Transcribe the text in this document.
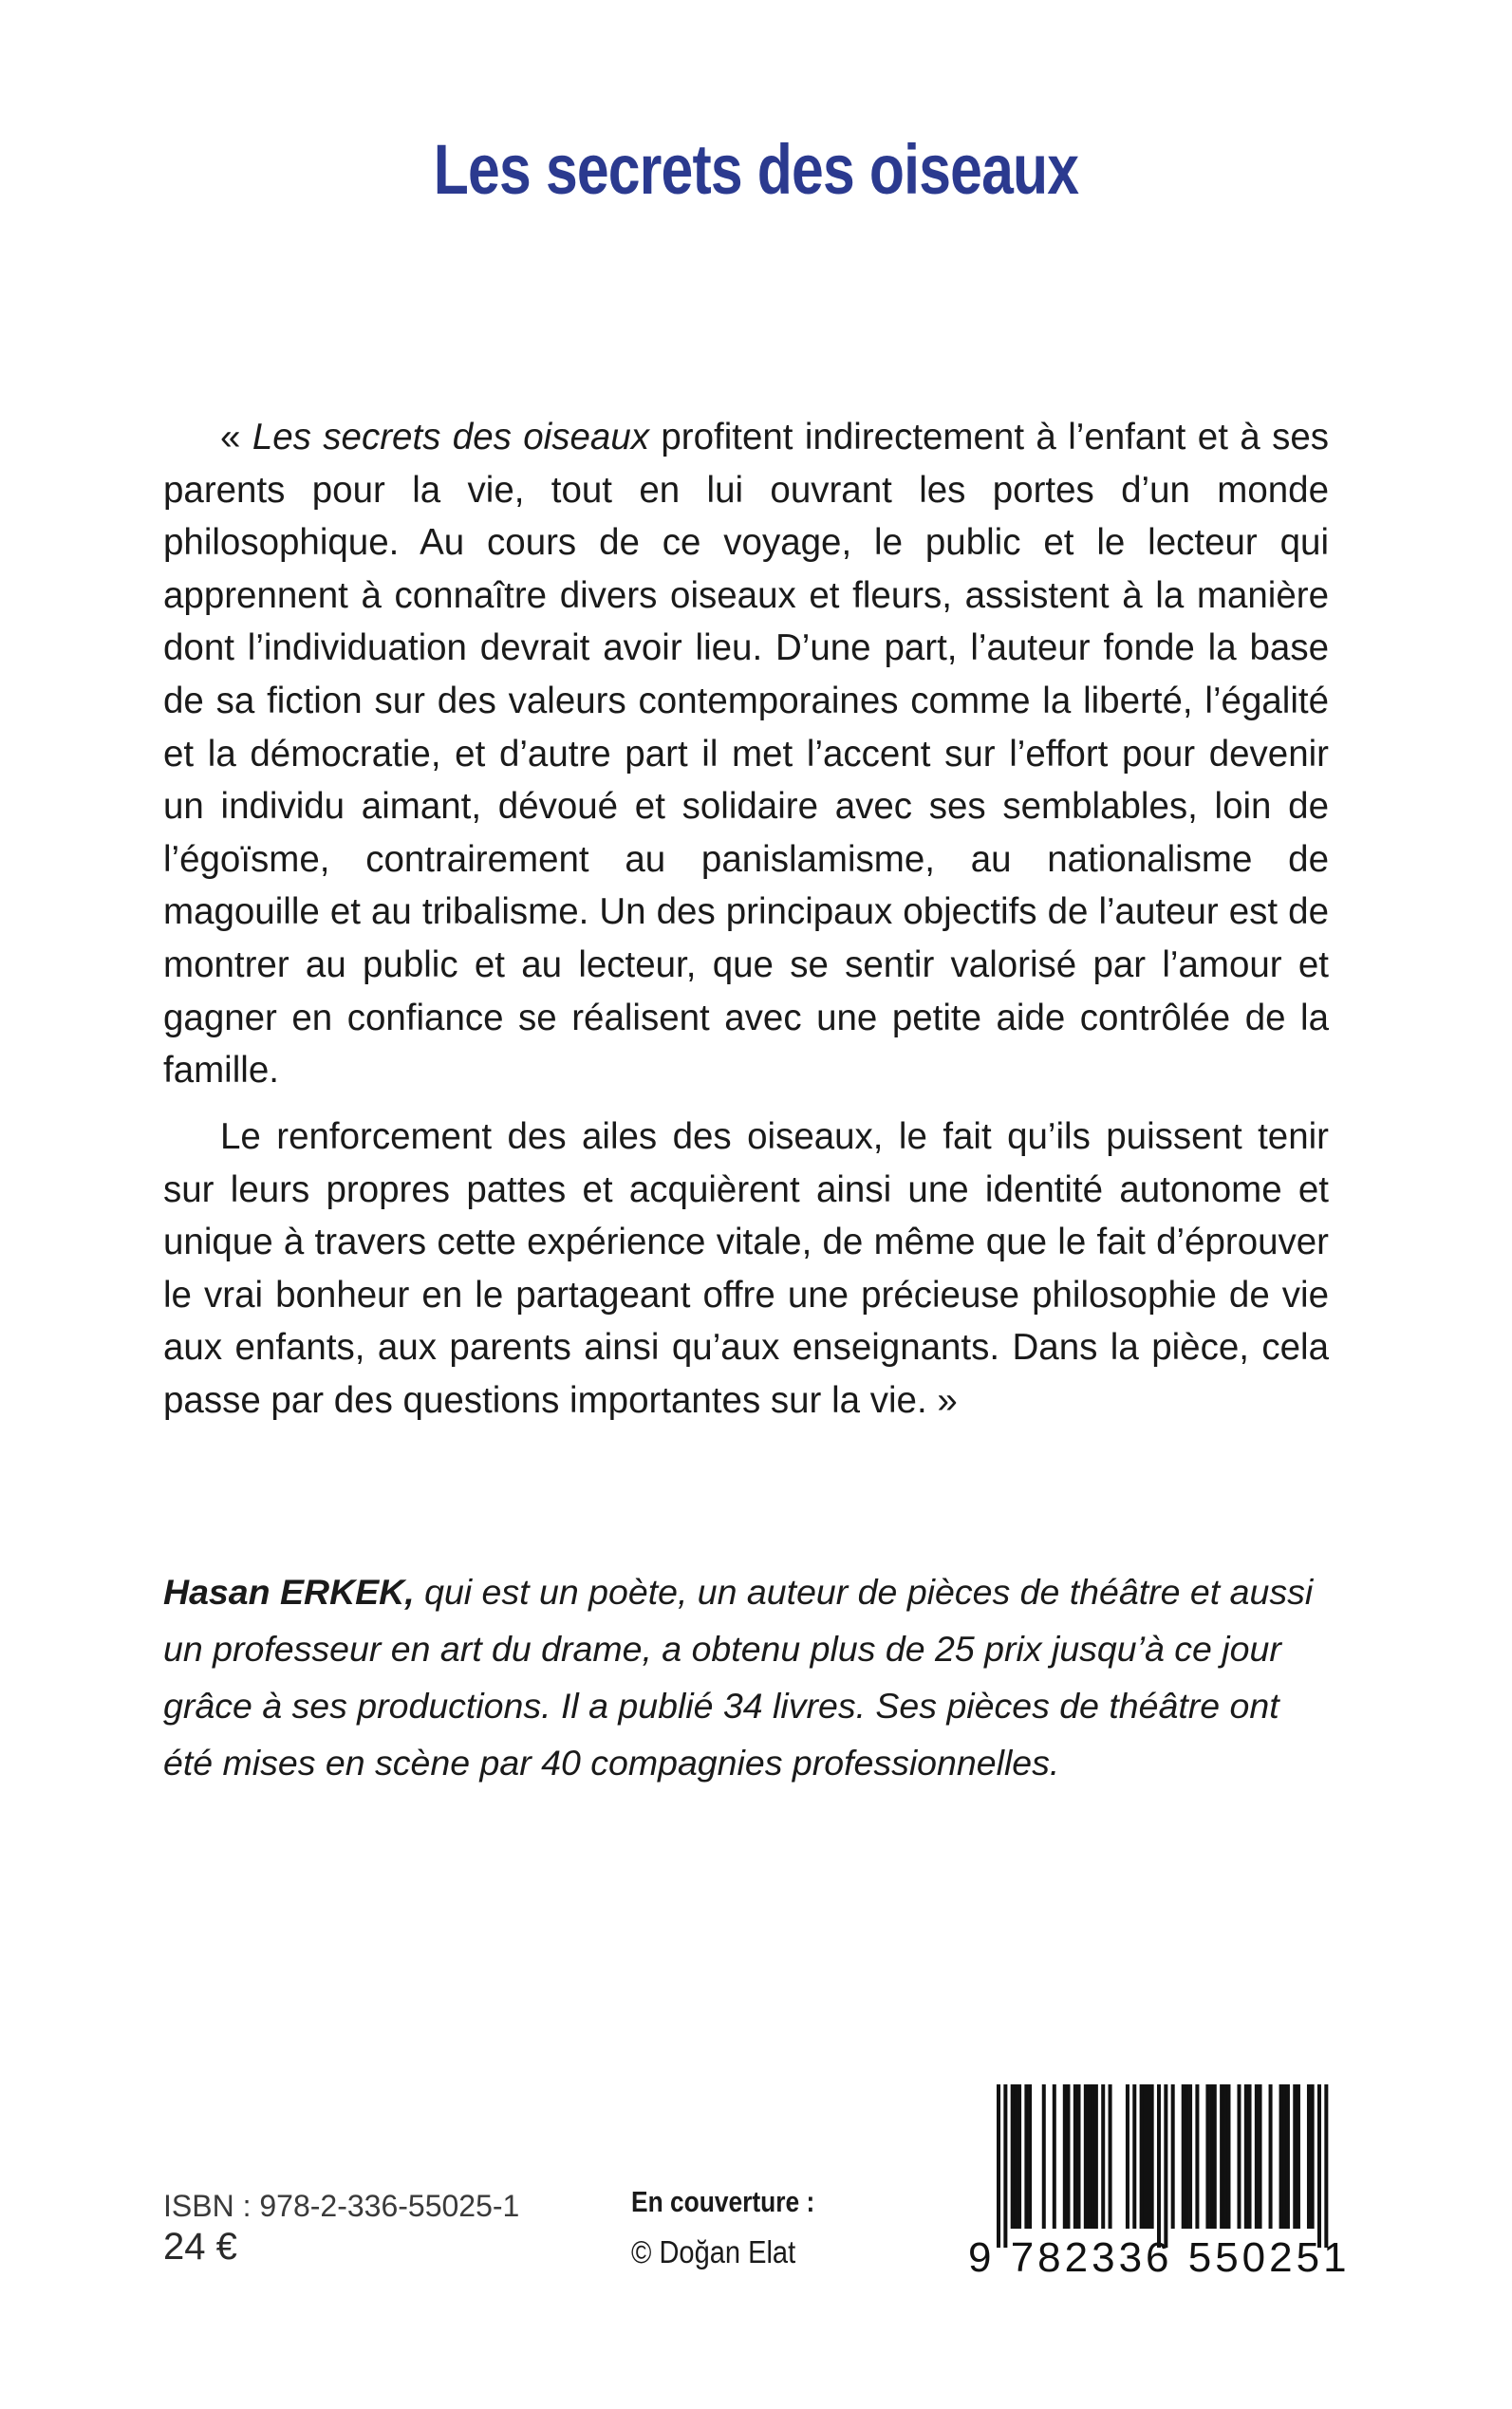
Les secrets des oiseaux

« Les secrets des oiseaux profitent indirectement à l’enfant et à ses parents pour la vie, tout en lui ouvrant les portes d’un monde philosophique. Au cours de ce voyage, le public et le lecteur qui apprennent à connaître divers oiseaux et fleurs, assistent à la manière dont l’individuation devrait avoir lieu. D’une part, l’auteur fonde la base de sa fiction sur des valeurs contemporaines comme la liberté, l’égalité et la démocratie, et d’autre part il met l’accent sur l’effort pour devenir un individu aimant, dévoué et solidaire avec ses semblables, loin de l’égoïsme, contrairement au panislamisme, au nationalisme de magouille et au tribalisme. Un des principaux objectifs de l’auteur est de montrer au public et au lecteur, que se sentir valorisé par l’amour et gagner en confiance se réalisent avec une petite aide contrôlée de la famille.

Le renforcement des ailes des oiseaux, le fait qu’ils puissent tenir sur leurs propres pattes et acquièrent ainsi une identité autonome et unique à travers cette expérience vitale, de même que le fait d’éprouver le vrai bonheur en le partageant offre une précieuse philosophie de vie aux enfants, aux parents ainsi qu’aux enseignants. Dans la pièce, cela passe par des questions importantes sur la vie. »

Hasan ERKEK, qui est un poète, un auteur de pièces de théâtre et aussi un professeur en art du drame, a obtenu plus de 25 prix jusqu’à ce jour grâce à ses productions. Il a publié 34 livres. Ses pièces de théâtre ont été mises en scène par 40 compagnies professionnelles.

ISBN : 978-2-336-55025-1

24 €

En couverture :

© Doğan Elat	9 782336 550251
